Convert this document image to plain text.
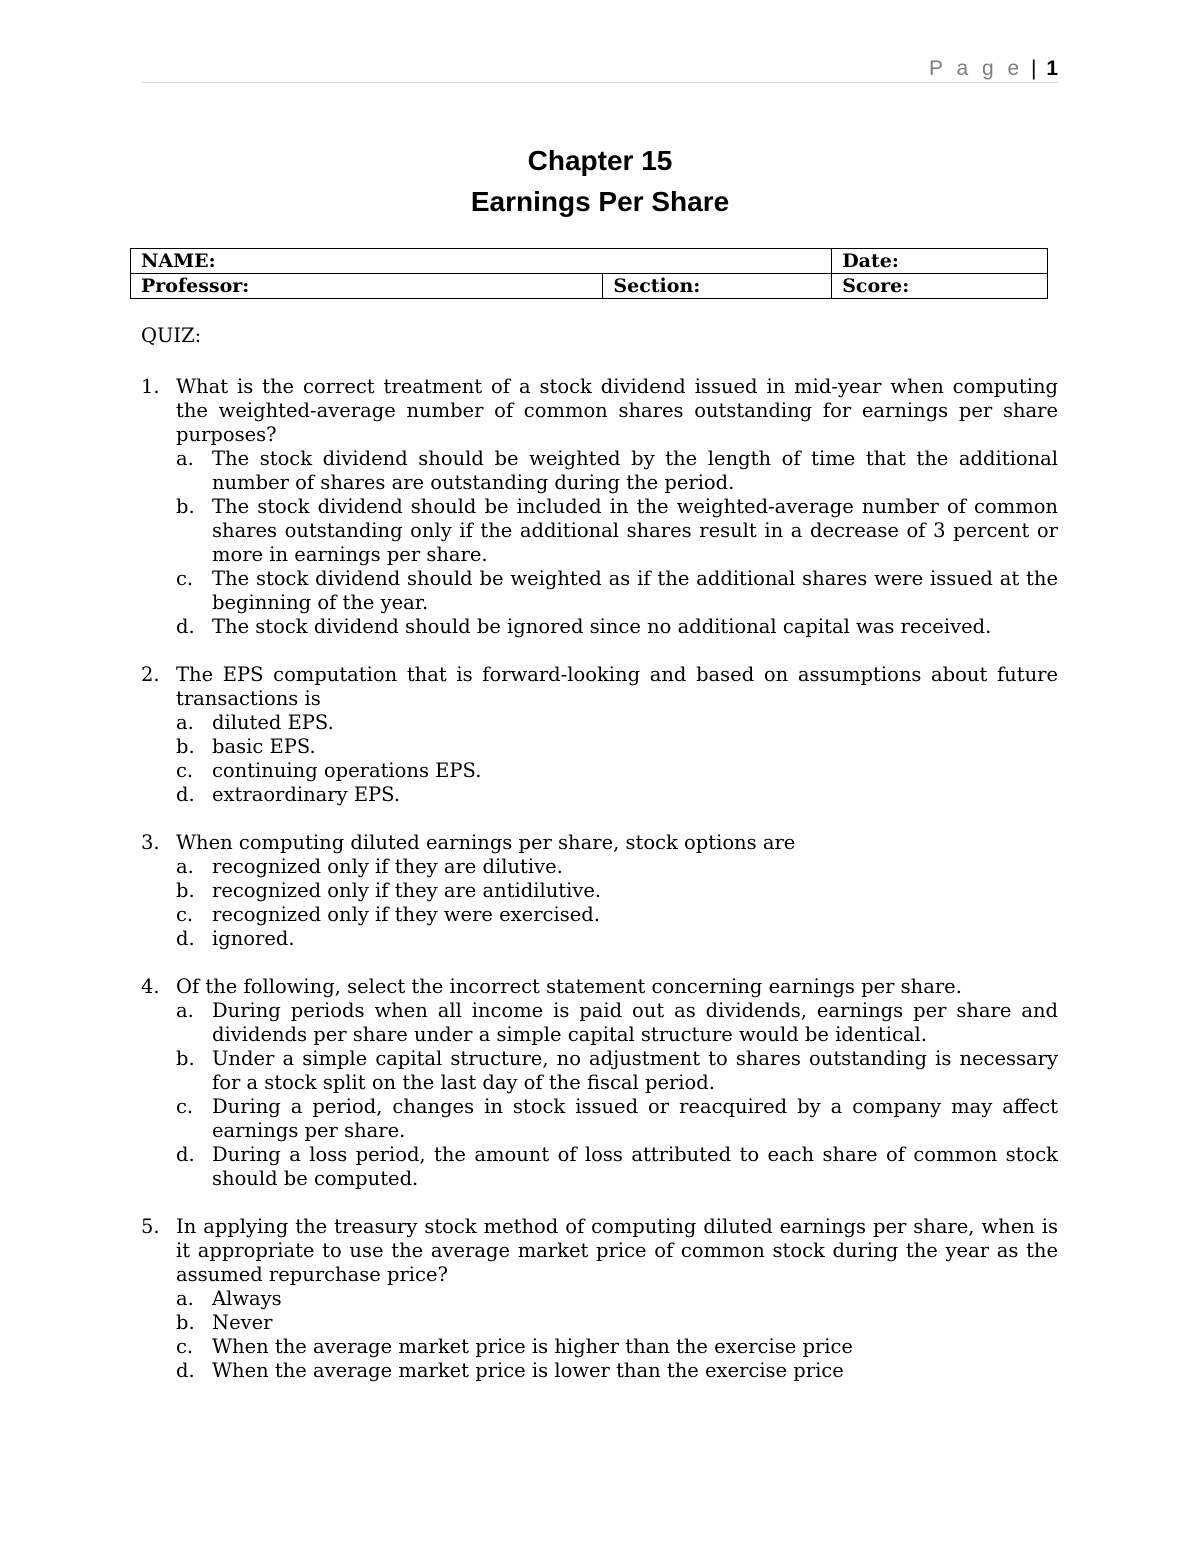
P a g e | 1
Chapter 15
Earnings Per Share
NAME:		Date:
Professor:	Section:	Score:
QUIZ:
1. What is the correct treatment of a stock dividend issued in mid-year when computing the weighted-average number of common shares outstanding for earnings per share purposes?
a. The stock dividend should be weighted by the length of time that the additional number of shares are outstanding during the period.
b. The stock dividend should be included in the weighted-average number of common shares outstanding only if the additional shares result in a decrease of 3 percent or more in earnings per share.
c. The stock dividend should be weighted as if the additional shares were issued at the beginning of the year.
d. The stock dividend should be ignored since no additional capital was received.
2. The EPS computation that is forward-looking and based on assumptions about future transactions is
a. diluted EPS.
b. basic EPS.
c. continuing operations EPS.
d. extraordinary EPS.
3. When computing diluted earnings per share, stock options are
a. recognized only if they are dilutive.
b. recognized only if they are antidilutive.
c. recognized only if they were exercised.
d. ignored.
4. Of the following, select the incorrect statement concerning earnings per share.
a. During periods when all income is paid out as dividends, earnings per share and dividends per share under a simple capital structure would be identical.
b. Under a simple capital structure, no adjustment to shares outstanding is necessary for a stock split on the last day of the fiscal period.
c. During a period, changes in stock issued or reacquired by a company may affect earnings per share.
d. During a loss period, the amount of loss attributed to each share of common stock should be computed.
5. In applying the treasury stock method of computing diluted earnings per share, when is it appropriate to use the average market price of common stock during the year as the assumed repurchase price?
a. Always
b. Never
c. When the average market price is higher than the exercise price
d. When the average market price is lower than the exercise price
